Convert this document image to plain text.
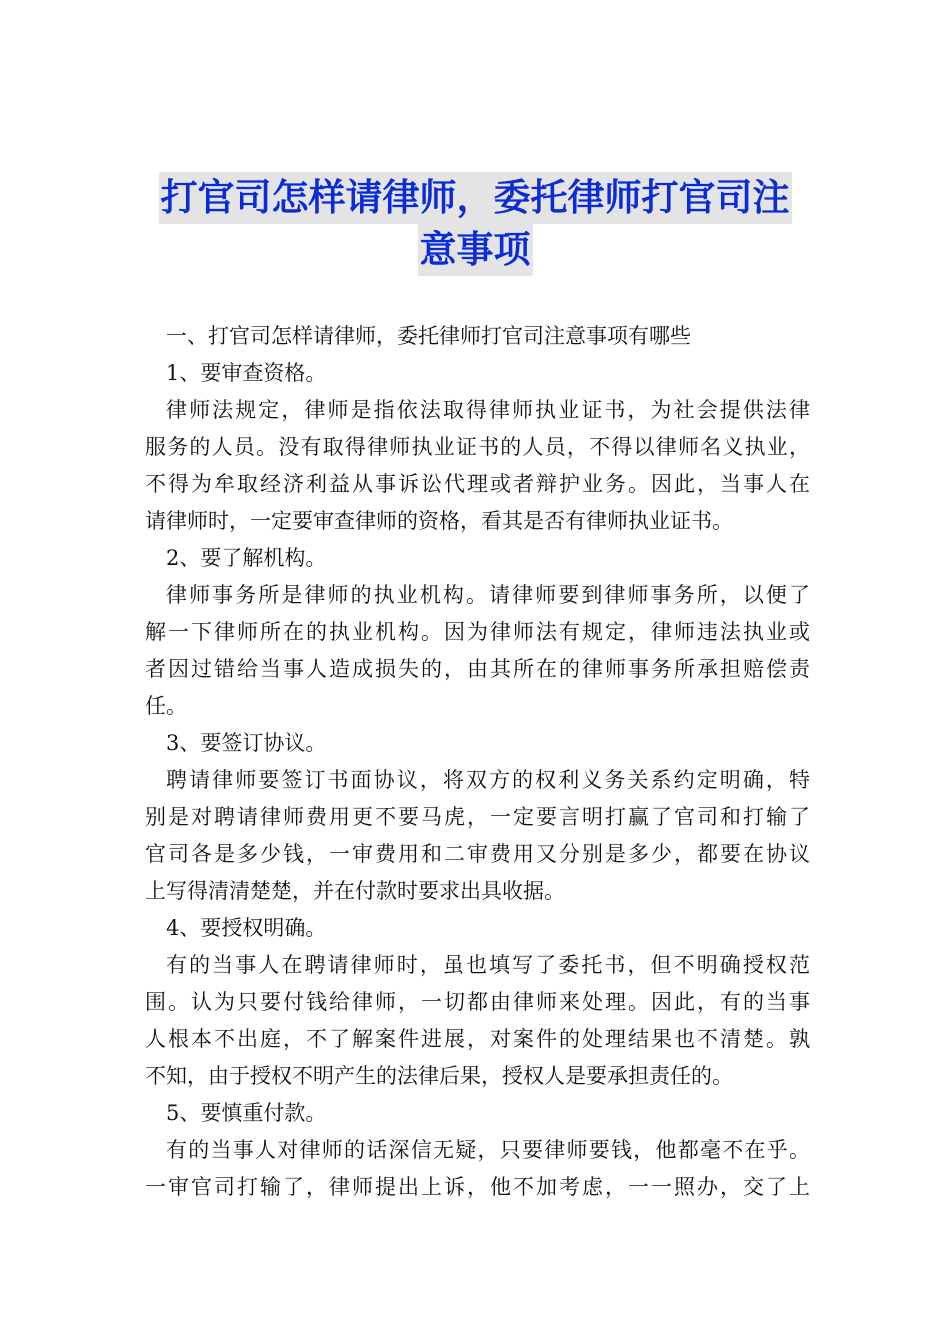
打官司怎样请律师，委托律师打官司注
意事项
一、打官司怎样请律师，委托律师打官司注意事项有哪些
1、要审查资格。
律师法规定，律师是指依法取得律师执业证书，为社会提供法律
服务的人员。没有取得律师执业证书的人员，不得以律师名义执业，
不得为牟取经济利益从事诉讼代理或者辩护业务。因此，当事人在
请律师时，一定要审查律师的资格，看其是否有律师执业证书。
2、要了解机构。
律师事务所是律师的执业机构。请律师要到律师事务所，以便了
解一下律师所在的执业机构。因为律师法有规定，律师违法执业或
者因过错给当事人造成损失的，由其所在的律师事务所承担赔偿责
任。
3、要签订协议。
聘请律师要签订书面协议，将双方的权利义务关系约定明确，特
别是对聘请律师费用更不要马虎，一定要言明打赢了官司和打输了
官司各是多少钱，一审费用和二审费用又分别是多少，都要在协议
上写得清清楚楚，并在付款时要求出具收据。
4、要授权明确。
有的当事人在聘请律师时，虽也填写了委托书，但不明确授权范
围。认为只要付钱给律师，一切都由律师来处理。因此，有的当事
人根本不出庭，不了解案件进展，对案件的处理结果也不清楚。孰
不知，由于授权不明产生的法律后果，授权人是要承担责任的。
5、要慎重付款。
有的当事人对律师的话深信无疑，只要律师要钱，他都毫不在乎。
一审官司打输了，律师提出上诉，他不加考虑，一一照办，交了上
